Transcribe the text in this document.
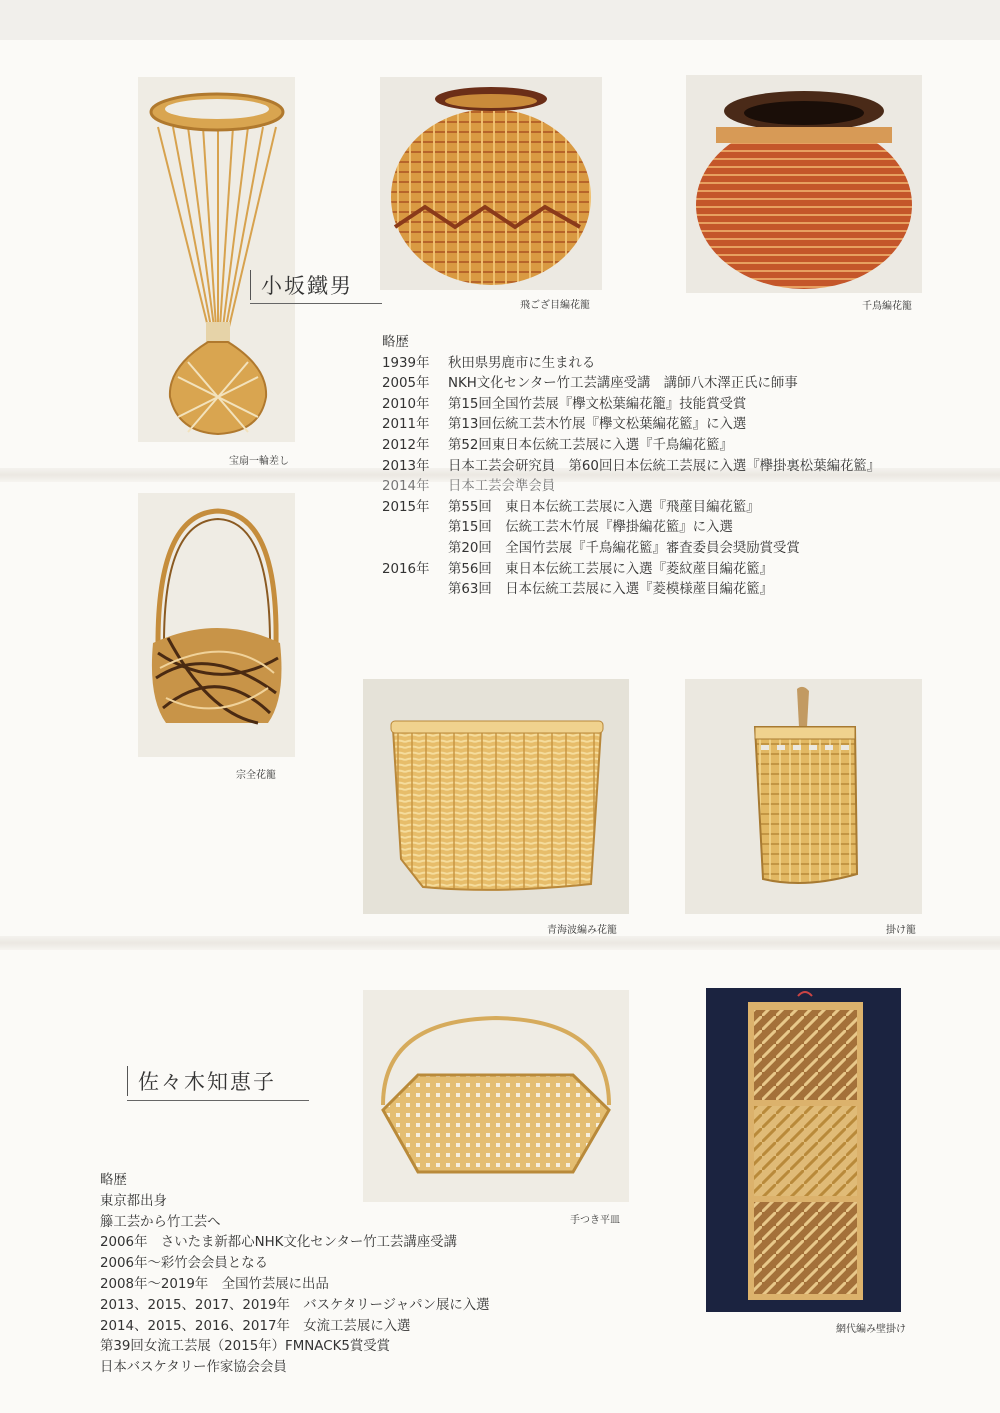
宝扇一輪差し
飛ござ目編花籠	千鳥編花籠
小坂鐵男
略歴
1939年	秋田県男鹿市に生まれる
2005年	NKH文化センター竹工芸講座受講　講師八木澤正氏に師事
2010年	第15回全国竹芸展『欅文松葉編花籠』技能賞受賞
2011年	第13回伝統工芸木竹展『欅文松葉編花籃』に入選
2012年	第52回東日本伝統工芸展に入選『千鳥編花籃』
2013年	日本工芸会研究員　第60回日本伝統工芸展に入選『欅掛裏松葉編花籃』
2014年	日本工芸会準会員
2015年	第55回　東日本伝統工芸展に入選『飛蓙目編花籃』
第15回　伝統工芸木竹展『欅掛編花籃』に入選
第20回　全国竹芸展『千鳥編花籃』審査委員会奨励賞受賞
2016年	第56回　東日本伝統工芸展に入選『菱紋蓙目編花籃』
第63回　日本伝統工芸展に入選『菱模様蓙目編花籃』
宗全花籠
青海波編み花籠	掛け籠
佐々木知恵子
手つき平皿
網代編み壁掛け
略歴
東京都出身
籐工芸から竹工芸へ
2006年　さいたま新都心NHK文化センター竹工芸講座受講
2006年～彩竹会会員となる
2008年～2019年　全国竹芸展に出品
2013、2015、2017、2019年　バスケタリージャパン展に入選
2014、2015、2016、2017年　女流工芸展に入選
第39回女流工芸展（2015年）FMNACK5賞受賞
日本バスケタリー作家協会会員
